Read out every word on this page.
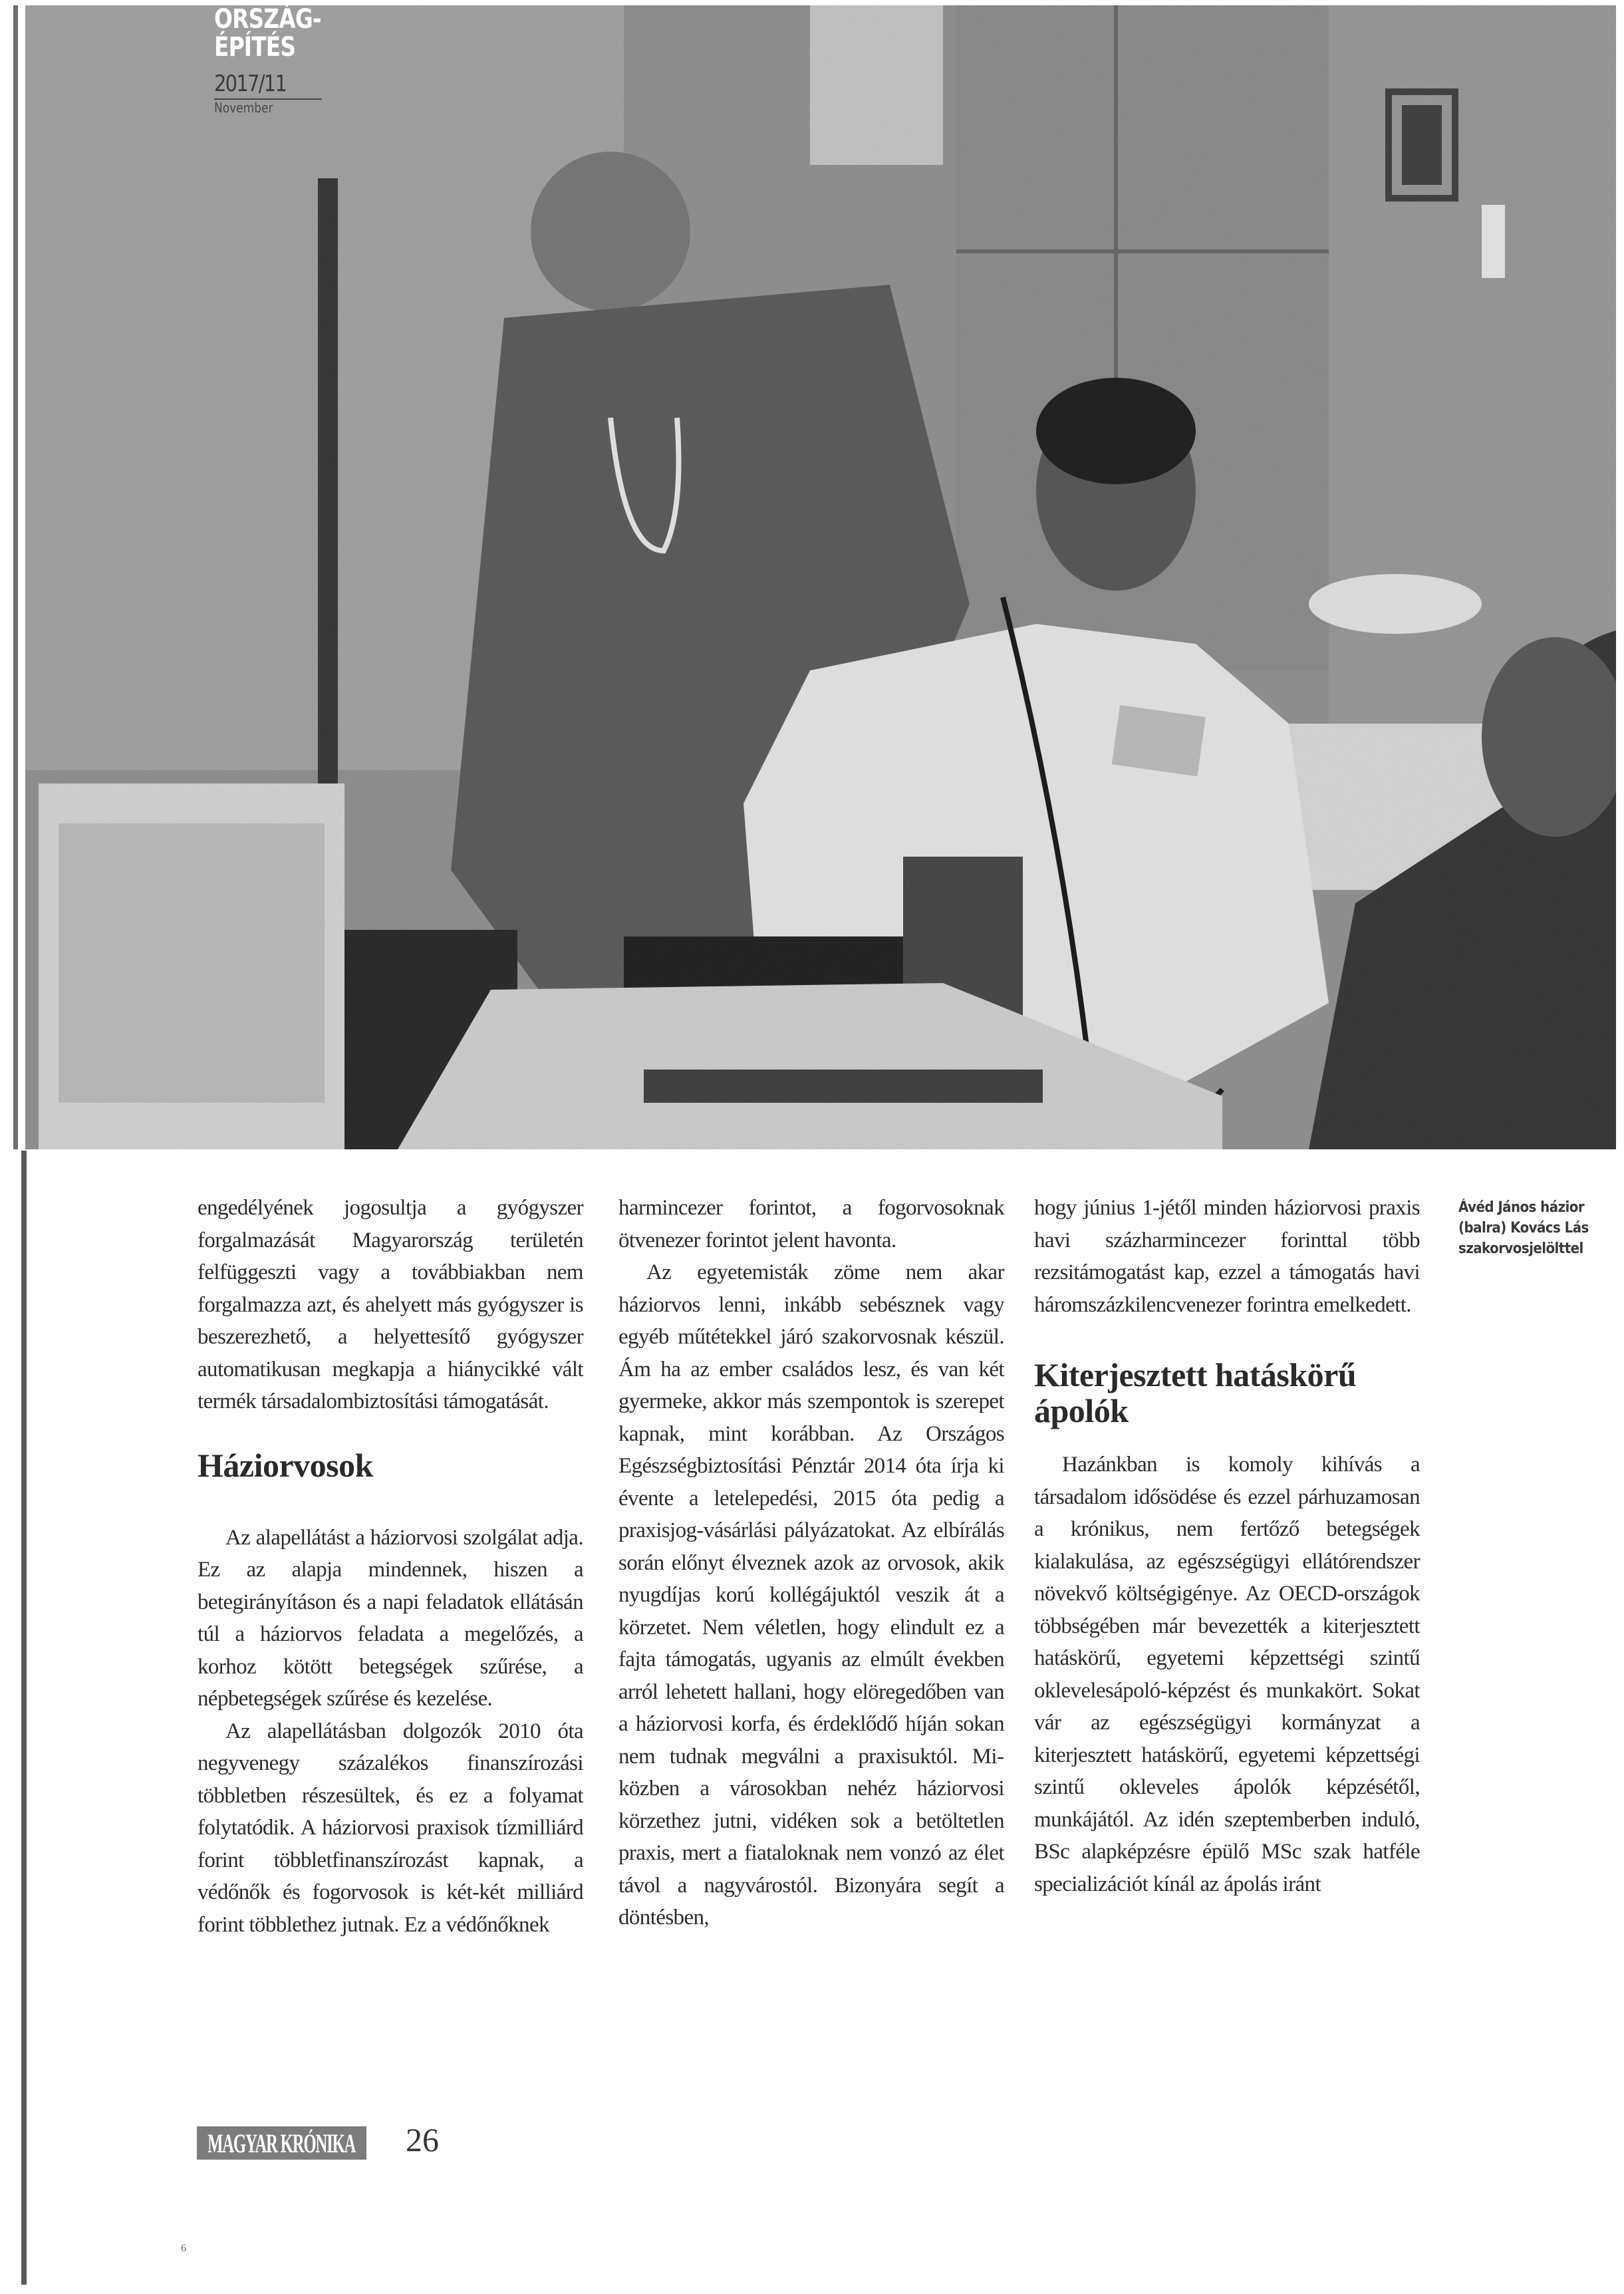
ORSZÁG-
ÉPÍTÉS
2017/11
November

engedélyének jogosultja a gyógyszer forgalmazását Magyarország területén felfüggeszti vagy a továbbiakban nem forgalmazza azt, és ahelyett más gyógyszer is beszerezhető, a helyettesítő gyógyszer automatikusan megkapja a hiánycikké vált termék társadalombiztosítási támogatását.

Háziorvosok

Az alapellátást a háziorvosi szolgálat adja. Ez az alapja mindennek, hiszen a betegirányításon és a napi feladatok ellátásán túl a háziorvos feladata a megelőzés, a korhoz kötött betegségek szűrése, a népbetegségek szűrése és kezelése.

Az alapellátásban dolgozók 2010 óta negyvenegy százalékos finanszírozási többletben részesültek, és ez a folyamat folytatódik. A háziorvosi praxisok tízmilliárd forint többletfinanszírozást kapnak, a védőnők és fogorvosok is két-két milliárd forint többlethez jutnak. Ez a védőnőknek

harmincezer forintot, a fogorvosoknak ötvenezer forintot jelent havonta.

Az egyetemisták zöme nem akar háziorvos lenni, inkább sebésznek vagy egyéb műtétekkel járó szakorvosnak készül. Ám ha az ember családos lesz, és van két gyermeke, akkor más szempontok is szerepet kapnak, mint korábban. Az Országos Egészségbiztosítási Pénztár 2014 óta írja ki évente a letelepedési, 2015 óta pedig a praxisjog-vásárlási pályázatokat. Az elbírálás során előnyt élveznek azok az orvosok, akik nyugdíjas korú kollégájuktól veszik át a körzetet. Nem véletlen, hogy elindult ez a fajta támogatás, ugyanis az elmúlt években arról lehetett hallani, hogy elöregedőben van a háziorvosi korfa, és érdeklődő híján sokan nem tudnak megválni a praxisuktól. Miközben a városokban nehéz háziorvosi körzethez jutni, vidéken sok a betöltetlen praxis, mert a fiataloknak nem vonzó az élet távol a nagyvárostól. Bizonyára segít a döntésben,

hogy június 1-jétől minden háziorvosi praxis havi százharmincezer forinttal több rezsitámogatást kap, ezzel a támogatás havi háromszázkilencvenezer forintra emelkedett.

Kiterjesztett hatáskörű ápolók

Hazánkban is komoly kihívás a társadalom idősödése és ezzel párhuzamosan a krónikus, nem fertőző betegségek kialakulása, az egészségügyi ellátórendszer növekvő költségigénye. Az OECD-országok többségében már bevezették a kiterjesztett hatáskörű, egyetemi képzettségi szintű oklevelesápoló-képzést és munkakört. Sokat vár az egészségügyi kormányzat a kiterjesztett hatáskörű, egyetemi képzettségi szintű okleveles ápolók képzésétől, munkájától. Az idén szeptemberben induló, BSc alapképzésre épülő MSc szak hatféle specializációt kínál az ápolás iránt

Ávéd János házior
(balra) Kovács Lás
szakorvosjelölttel
MAGYAR KRÓNIKA 26
6
